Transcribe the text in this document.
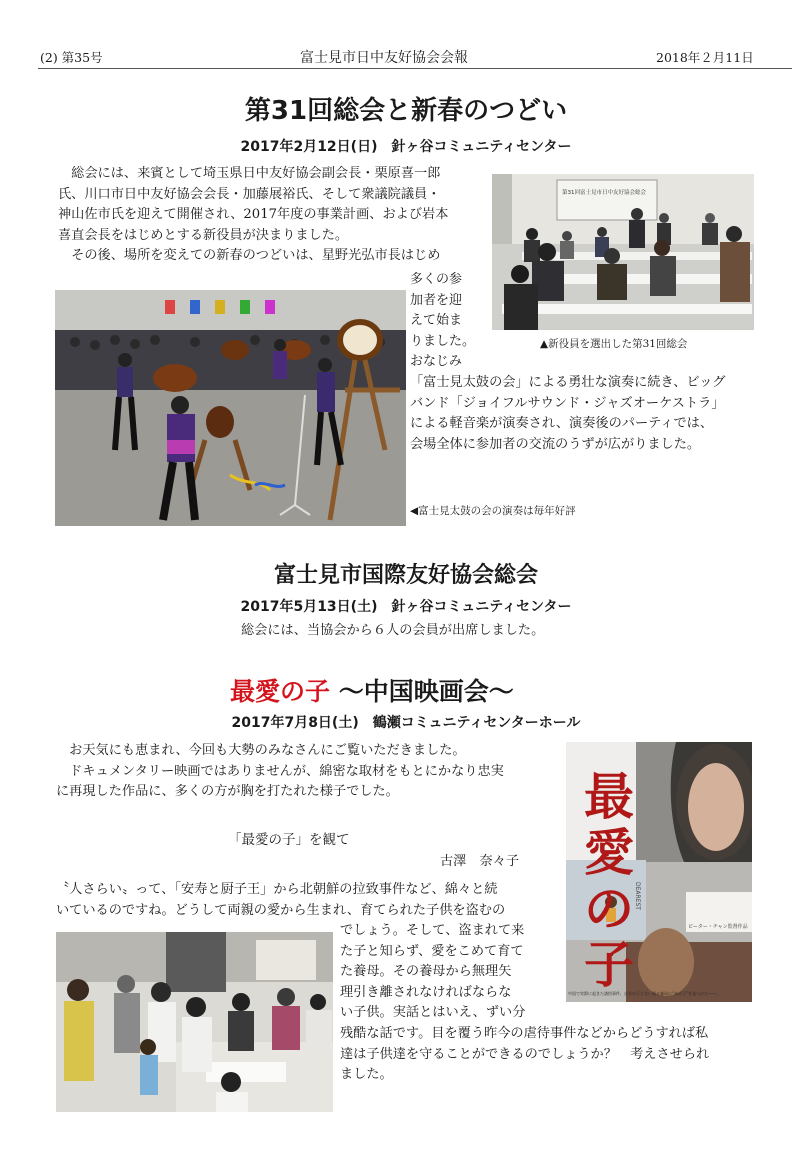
(2) 第35号	富士見市日中友好協会会報	2018年２月11日
第31回総会と新春のつどい
2017年2月12日(日)　針ヶ谷コミュニティセンター
　総会には、来賓として埼玉県日中友好協会副会長・栗原喜一郎
氏、川口市日中友好協会会長・加藤展裕氏、そして衆議院議員・
神山佐市氏を迎えて開催され、2017年度の事業計画、および岩本
喜直会長をはじめとする新役員が決まりました。
　その後、場所を変えての新春のつどいは、星野光弘市長はじめ
多くの参
加者を迎
えて始ま
りました。
おなじみ
「富士見太鼓の会」による勇壮な演奏に続き、ビッグ
バンド「ジョイフルサウンド・ジャズオーケストラ」
による軽音楽が演奏され、演奏後のパーティでは、
会場全体に参加者の交流のうずが広がりました。
第31回富士見市日中友好協会総会
▲新役員を選出した第31回総会
◀富士見太鼓の会の演奏は毎年好評
富士見市国際友好協会総会
2017年5月13日(土)　針ヶ谷コミュニティセンター
総会には、当協会から６人の会員が出席しました。
最愛の子 ～中国映画会～
2017年7月8日(土)　鶴瀬コミュニティセンターホール
　お天気にも恵まれ、今回も大勢のみなさんにご覧いただきました。
　ドキュメンタリー映画ではありませんが、綿密な取材をもとにかなり忠実
に再現した作品に、多くの方が胸を打たれた様子でした。
「最愛の子」を観て
古澤　奈々子
〝人さらい〟って、「安寿と厨子王」から北朝鮮の拉致事件など、綿々と続
いているのですね。どうして両親の愛から生まれ、育てられた子供を盗むの
でしょう。そして、盗まれて来
た子と知らず、愛をこめて育て
た養母。その養母から無理矢
理引き離されなければならな
い子供。実話とはいえ、ずい分
残酷な話です。目を覆う昨今の虐待事件などからどうすれば私
達は子供達を守ることができるのでしょうか？　考えさせられ
ました。
最
愛
の
子
DEAREST
中国で実際に起きた誘拐事件、自分の子と言い張る養母に“あの子”を見つけた――。
ピーター・チャン監督作品
